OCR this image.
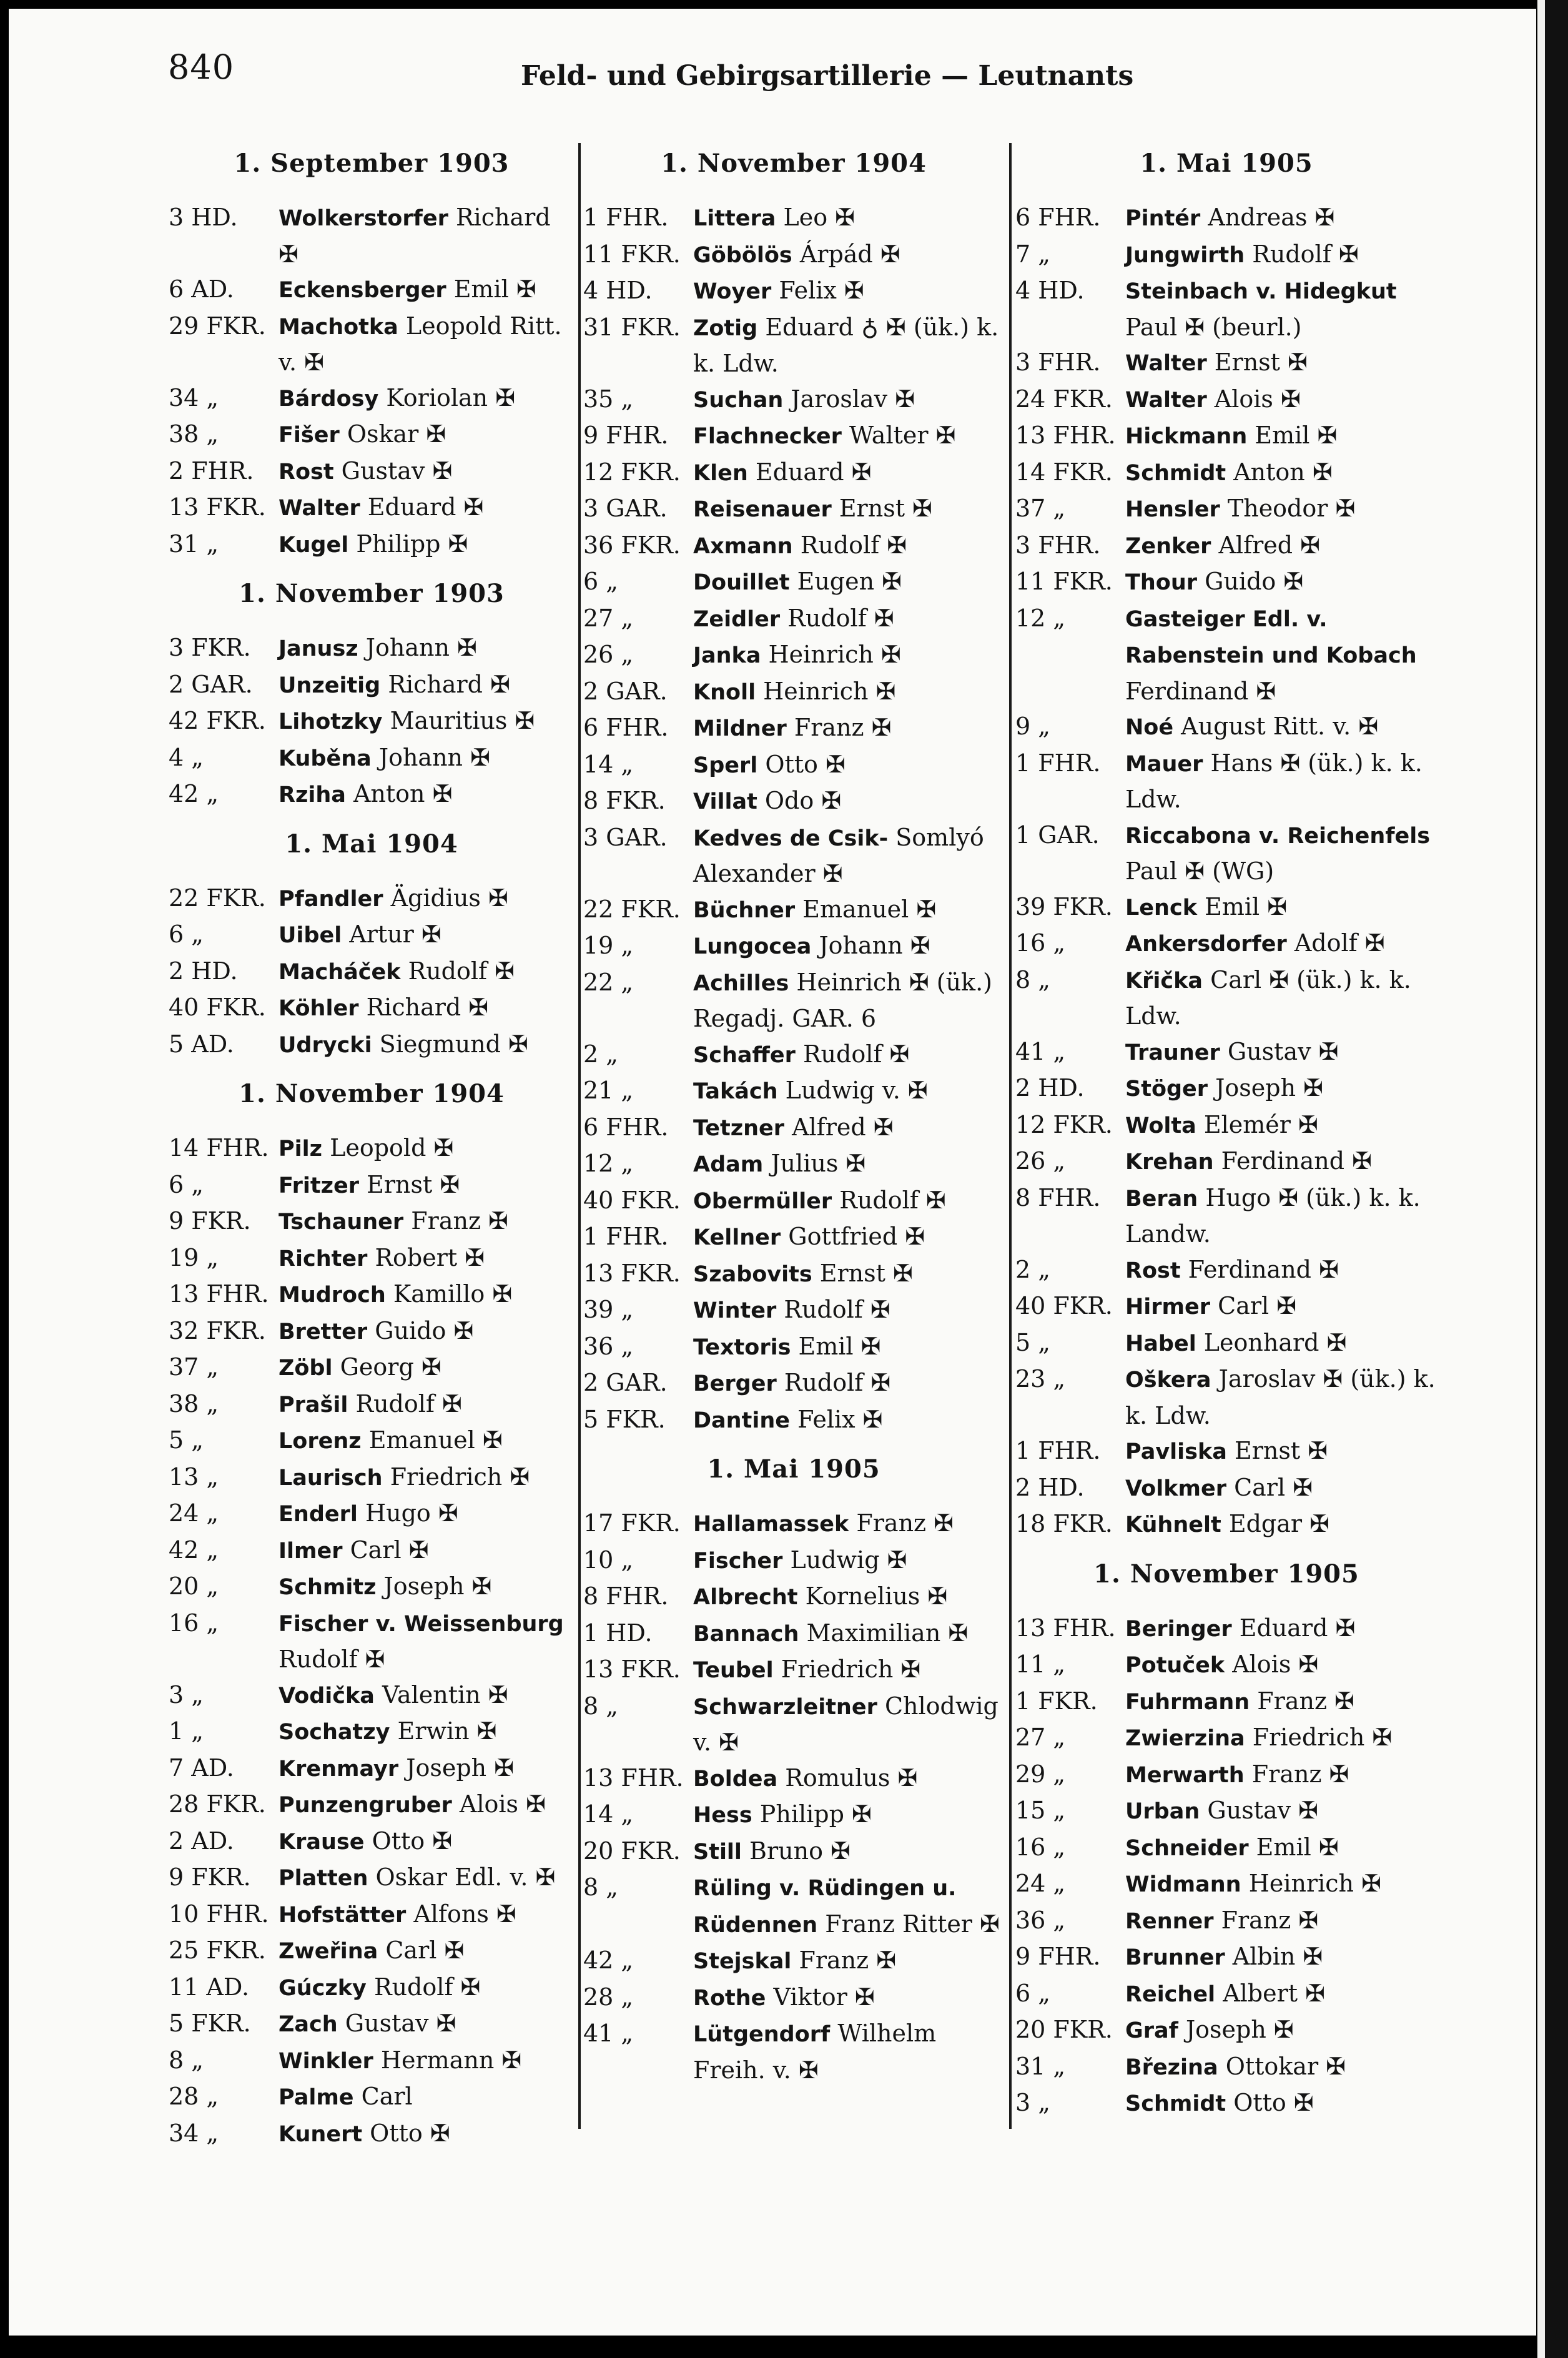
840	Feld- und Gebirgsartillerie — Leutnants
1. September 1903
3 HD.	Wolkerstorfer Richard ✠
6 AD.	Eckensberger Emil ✠
29 FKR. Machotka Leopold Ritt. v. ✠
34 „	Bárdosy Koriolan ✠
38 „	Fišer Oskar ✠
2 FHR.	Rost Gustav ✠
13 FKR. Walter Eduard ✠
31 „	Kugel Philipp ✠
1. November 1903
3 FKR.	Janusz Johann ✠
2 GAR.	Unzeitig Richard ✠
42 FKR. Lihotzky Mauritius ✠
4 „	Kuběna Johann ✠
42 „	Rziha Anton ✠
1. Mai 1904
22 FKR. Pfandler Ägidius ✠
6 „	Uibel Artur ✠
2 HD.	Macháček Rudolf ✠
40 FKR. Köhler Richard ✠
5 AD.	Udrycki Siegmund ✠
1. November 1904
14 FHR. Pilz Leopold ✠
6 „	Fritzer Ernst ✠
9 FKR.	Tschauner Franz ✠
19 „	Richter Robert ✠
13 FHR. Mudroch Kamillo ✠
32 FKR. Bretter Guido ✠
37 „	Zöbl Georg ✠
38 „	Prašil Rudolf ✠
5 „	Lorenz Emanuel ✠
13 „	Laurisch Friedrich ✠
24 „	Enderl Hugo ✠
42 „	Ilmer Carl ✠
20 „	Schmitz Joseph ✠
16 „	Fischer v. Weissenburg Rudolf ✠
3 „	Vodička Valentin ✠
1 „	Sochatzy Erwin ✠
7 AD.	Krenmayr Joseph ✠
28 FKR. Punzengruber Alois ✠
2 AD.	Krause Otto ✠
9 FKR.	Platten Oskar Edl. v. ✠
10 FHR. Hofstätter Alfons ✠
25 FKR. Zweřina Carl ✠
11 AD.	Gúczky Rudolf ✠
5 FKR.	Zach Gustav ✠
8 „	Winkler Hermann ✠
28 „	Palme Carl
34 „	Kunert Otto ✠
1. November 1904
1 FHR.	Littera Leo ✠
11 FKR. Göbölös Árpád ✠
4 HD.	Woyer Felix ✠
31 FKR. Zotig Eduard ♁ ✠ (ük.) k. k. Ldw.
35 „	Suchan Jaroslav ✠
9 FHR.	Flachnecker Walter ✠
12 FKR. Klen Eduard ✠
3 GAR.	Reisenauer Ernst ✠
36 FKR. Axmann Rudolf ✠
6 „	Douillet Eugen ✠
27 „	Zeidler Rudolf ✠
26 „	Janka Heinrich ✠
2 GAR.	Knoll Heinrich ✠
6 FHR.	Mildner Franz ✠
14 „	Sperl Otto ✠
8 FKR.	Villat Odo ✠
3 GAR.	Kedves de Csik- Somlyó Alexander ✠
22 FKR. Büchner Emanuel ✠
19 „	Lungocea Johann ✠
22 „	Achilles Heinrich ✠ (ük.) Regadj. GAR. 6
2 „	Schaffer Rudolf ✠
21 „	Takách Ludwig v. ✠
6 FHR.	Tetzner Alfred ✠
12 „	Adam Julius ✠
40 FKR. Obermüller Rudolf ✠
1 FHR.	Kellner Gottfried ✠
13 FKR. Szabovits Ernst ✠
39 „	Winter Rudolf ✠
36 „	Textoris Emil ✠
2 GAR.	Berger Rudolf ✠
5 FKR.	Dantine Felix ✠
1. Mai 1905
17 FKR. Hallamassek Franz ✠
10 „	Fischer Ludwig ✠
8 FHR.	Albrecht Kornelius ✠
1 HD.	Bannach Maximilian ✠
13 FKR. Teubel Friedrich ✠
8 „	Schwarzleitner Chlodwig v. ✠
13 FHR. Boldea Romulus ✠
14 „	Hess Philipp ✠
20 FKR. Still Bruno ✠
8 „	Rüling v. Rüdingen u. Rüdennen Franz Ritter ✠
42 „	Stejskal Franz ✠
28 „	Rothe Viktor ✠
41 „	Lütgendorf Wilhelm Freih. v. ✠
1. Mai 1905
6 FHR.	Pintér Andreas ✠
7 „	Jungwirth Rudolf ✠
4 HD.	Steinbach v. Hidegkut Paul ✠ (beurl.)
3 FHR.	Walter Ernst ✠
24 FKR. Walter Alois ✠
13 FHR. Hickmann Emil ✠
14 FKR. Schmidt Anton ✠
37 „	Hensler Theodor ✠
3 FHR.	Zenker Alfred ✠
11 FKR. Thour Guido ✠
12 „	Gasteiger Edl. v. Rabenstein und Kobach Ferdinand ✠
9 „	Noé August Ritt. v. ✠
1 FHR.	Mauer Hans ✠ (ük.) k. k. Ldw.
1 GAR.	Riccabona v. Reichenfels Paul ✠ (WG)
39 FKR. Lenck Emil ✠
16 „	Ankersdorfer Adolf ✠
8 „	Křička Carl ✠ (ük.) k. k. Ldw.
41 „	Trauner Gustav ✠
2 HD.	Stöger Joseph ✠
12 FKR. Wolta Elemér ✠
26 „	Krehan Ferdinand ✠
8 FHR.	Beran Hugo ✠ (ük.) k. k. Landw.
2 „	Rost Ferdinand ✠
40 FKR. Hirmer Carl ✠
5 „	Habel Leonhard ✠
23 „	Oškera Jaroslav ✠ (ük.) k. k. Ldw.
1 FHR.	Pavliska Ernst ✠
2 HD.	Volkmer Carl ✠
18 FKR. Kühnelt Edgar ✠
1. November 1905
13 FHR. Beringer Eduard ✠
11 „	Potuček Alois ✠
1 FKR.	Fuhrmann Franz ✠
27 „	Zwierzina Friedrich ✠
29 „	Merwarth Franz ✠
15 „	Urban Gustav ✠
16 „	Schneider Emil ✠
24 „	Widmann Heinrich ✠
36 „	Renner Franz ✠
9 FHR.	Brunner Albin ✠
6 „	Reichel Albert ✠
20 FKR. Graf Joseph ✠
31 „	Březina Ottokar ✠
3 „	Schmidt Otto ✠
